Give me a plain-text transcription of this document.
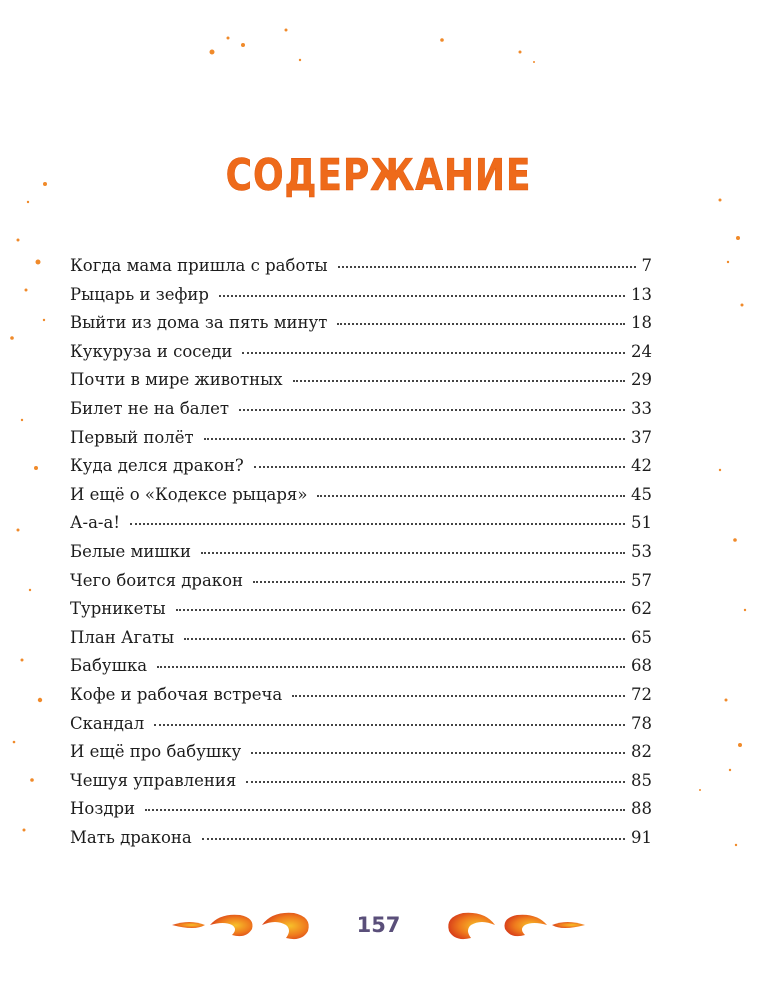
СОДЕРЖАНИЕ
Когда мама пришла с работы	7
Рыцарь и зефир	13
Выйти из дома за пять минут	18
Кукуруза и соседи	24
Почти в мире животных	29
Билет не на балет	33
Первый полёт	37
Куда делся дракон?	42
И ещё о «Кодексе рыцаря»	45
А-а-а!	51
Белые мишки	53
Чего боится дракон	57
Турникеты	62
План Агаты	65
Бабушка	68
Кофе и рабочая встреча	72
Скандал	78
И ещё про бабушку	82
Чешуя управления	85
Ноздри	88
Мать дракона	91
157
